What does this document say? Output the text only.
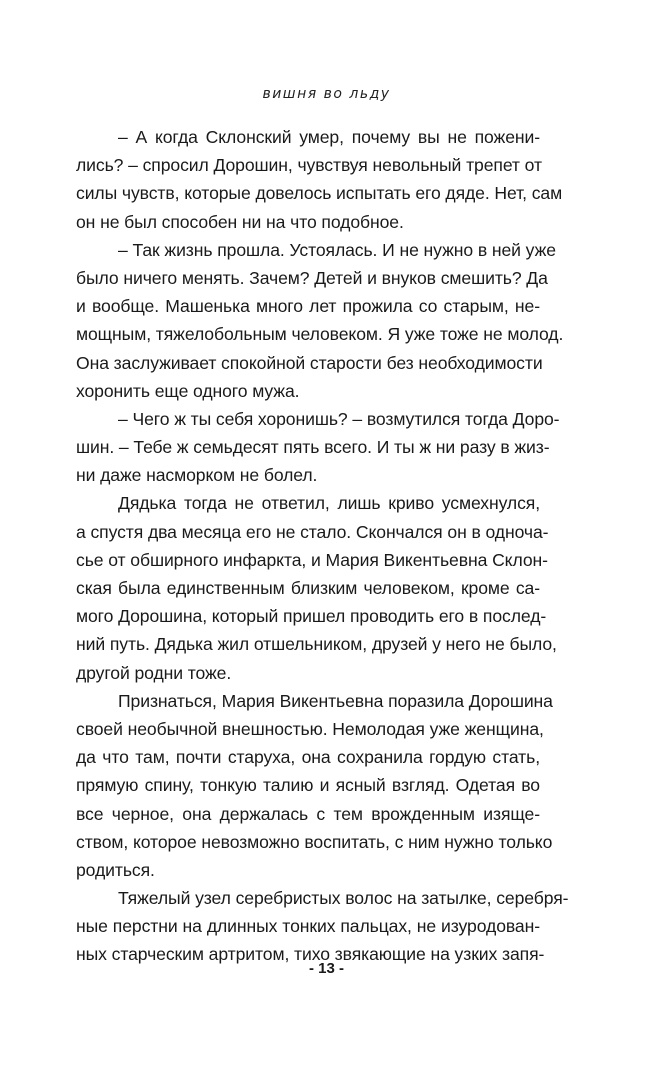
вишня во льду
– А когда Склонский умер, почему вы не пожени-
лись? – спросил Дорошин, чувствуя невольный трепет от
силы чувств, которые довелось испытать его дяде. Нет, сам
он не был способен ни на что подобное.
– Так жизнь прошла. Устоялась. И не нужно в ней уже
было ничего менять. Зачем? Детей и внуков смешить? Да
и вообще. Машенька много лет прожила со старым, не-
мощным, тяжелобольным человеком. Я уже тоже не молод.
Она заслуживает спокойной старости без необходимости
хоронить еще одного мужа.
– Чего ж ты себя хоронишь? – возмутился тогда Доро-
шин. – Тебе ж семьдесят пять всего. И ты ж ни разу в жиз-
ни даже насморком не болел.
Дядька тогда не ответил, лишь криво усмехнулся,
а спустя два месяца его не стало. Скончался он в одноча-
сье от обширного инфаркта, и Мария Викентьевна Склон-
ская была единственным близким человеком, кроме са-
мого Дорошина, который пришел проводить его в послед-
ний путь. Дядька жил отшельником, друзей у него не было,
другой родни тоже.
Признаться, Мария Викентьевна поразила Дорошина
своей необычной внешностью. Немолодая уже женщина,
да что там, почти старуха, она сохранила гордую стать,
прямую спину, тонкую талию и ясный взгляд. Одетая во
все черное, она держалась с тем врожденным изяще-
ством, которое невозможно воспитать, с ним нужно только
родиться.
Тяжелый узел серебристых волос на затылке, серебря-
ные перстни на длинных тонких пальцах, не изуродован-
ных старческим артритом, тихо звякающие на узких запя-
- 13 -
